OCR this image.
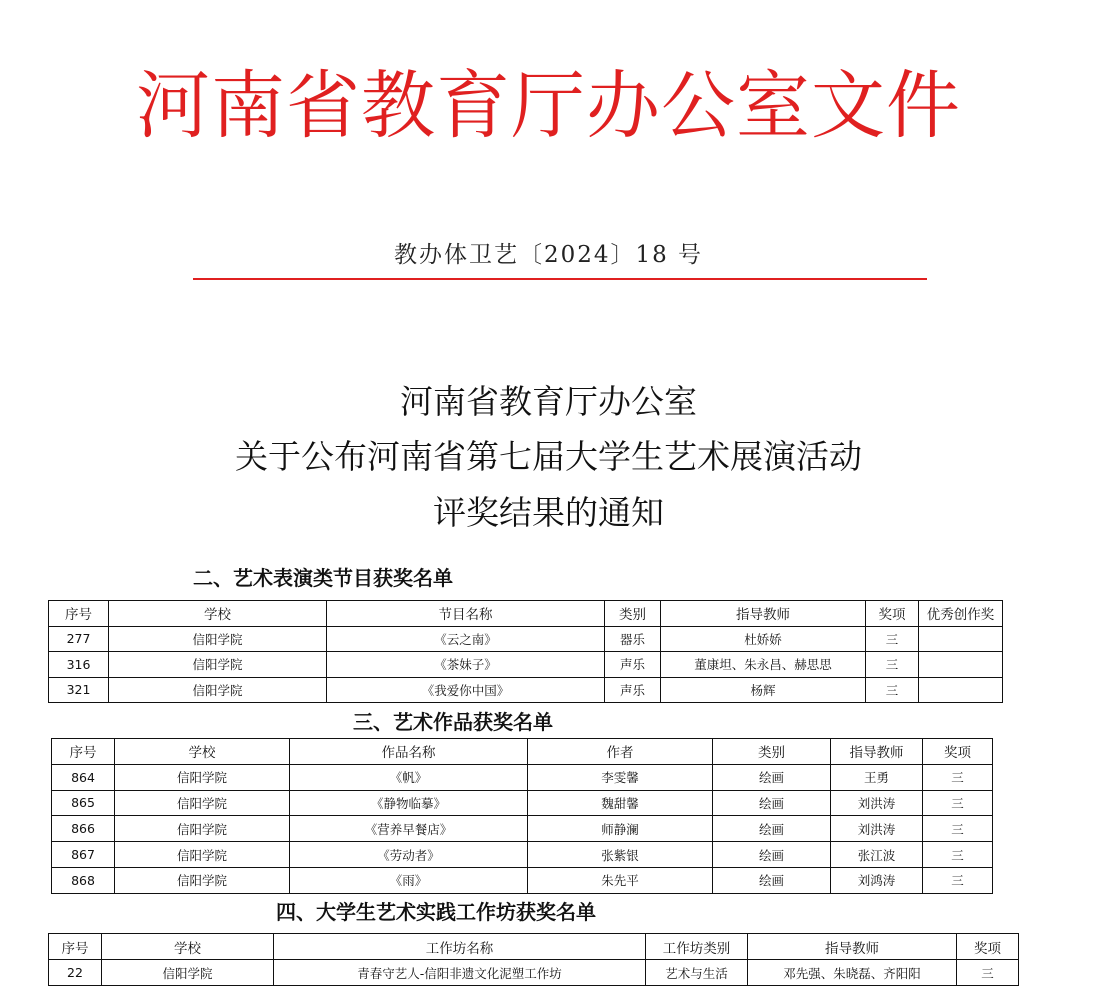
河南省教育厅办公室文件
教办体卫艺〔2024〕18 号
河南省教育厅办公室
关于公布河南省第七届大学生艺术展演活动
评奖结果的通知
二、艺术表演类节目获奖名单
序号	学校	节目名称	类别	指导教师	奖项	优秀创作奖
277	信阳学院	《云之南》	器乐	杜娇娇	三	
316	信阳学院	《茶妹子》	声乐	董康坦、朱永昌、赫思思	三	
321	信阳学院	《我爱你中国》	声乐	杨辉	三	
三、艺术作品获奖名单
序号	学校	作品名称	作者	类别	指导教师	奖项
864	信阳学院	《帆》	李雯馨	绘画	王勇	三
865	信阳学院	《静物临摹》	魏甜馨	绘画	刘洪涛	三
866	信阳学院	《营养早餐店》	师静澜	绘画	刘洪涛	三
867	信阳学院	《劳动者》	张紫银	绘画	张江波	三
868	信阳学院	《雨》	朱先平	绘画	刘鸿涛	三
四、大学生艺术实践工作坊获奖名单
序号	学校	工作坊名称	工作坊类别	指导教师	奖项
22	信阳学院	青春守艺人-信阳非遗文化泥塑工作坊	艺术与生活	邓先强、朱晓磊、齐阳阳	三
